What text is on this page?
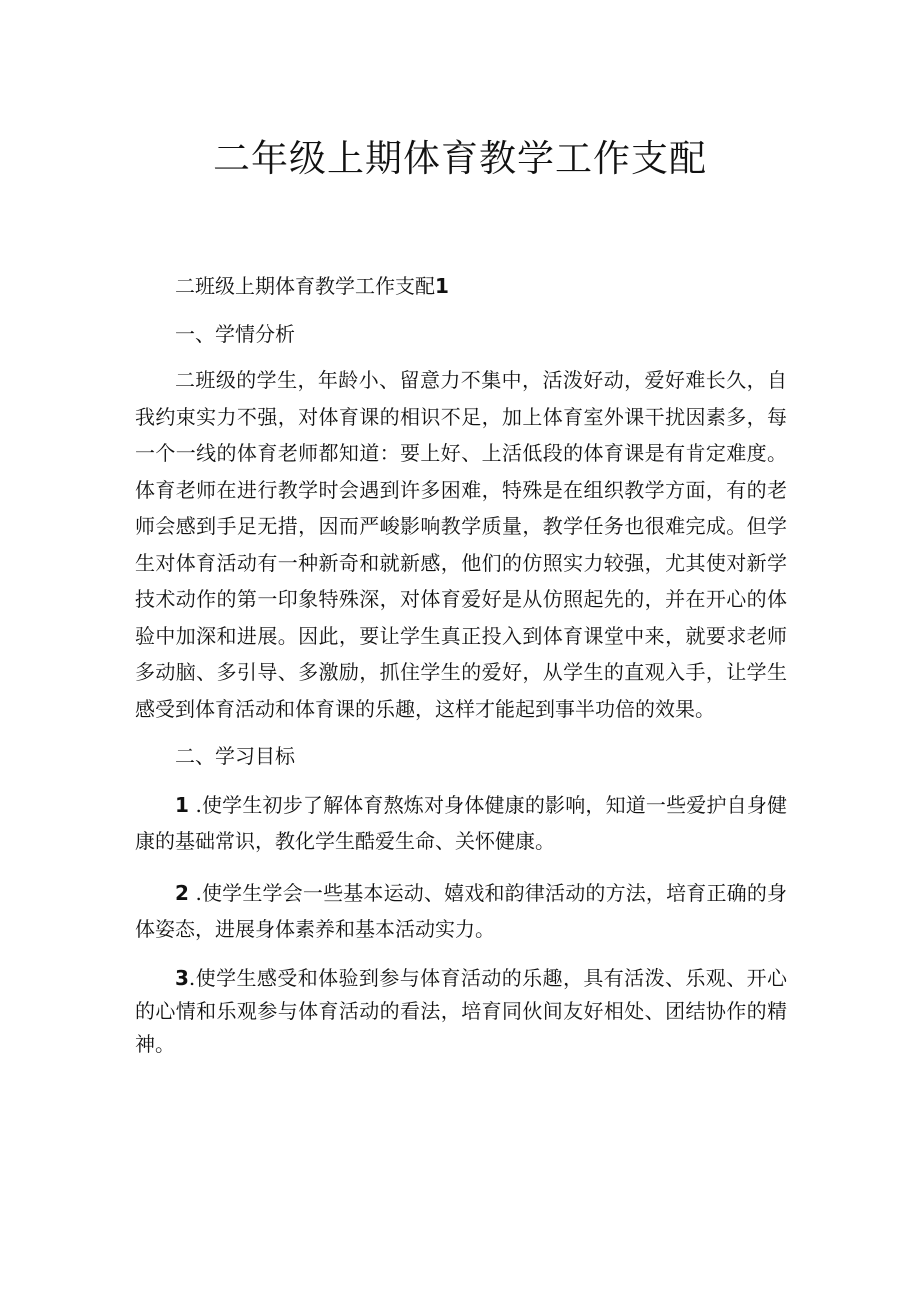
二年级上期体育教学工作支配

二班级上期体育教学工作支配1

一、学情分析

二班级的学生，年龄小、留意力不集中，活泼好动，爱好难长久，自我约束实力不强，对体育课的相识不足，加上体育室外课干扰因素多，每一个一线的体育老师都知道：要上好、上活低段的体育课是有肯定难度。体育老师在进行教学时会遇到许多困难，特殊是在组织教学方面，有的老师会感到手足无措，因而严峻影响教学质量，教学任务也很难完成。但学生对体育活动有一种新奇和就新感，他们的仿照实力较强，尤其使对新学技术动作的第一印象特殊深，对体育爱好是从仿照起先的，并在开心的体验中加深和进展。因此，要让学生真正投入到体育课堂中来，就要求老师多动脑、多引导、多激励，抓住学生的爱好，从学生的直观入手，让学生感受到体育活动和体育课的乐趣，这样才能起到事半功倍的效果。

二、学习目标

1 .使学生初步了解体育熬炼对身体健康的影响，知道一些爱护自身健康的基础常识，教化学生酷爱生命、关怀健康。

2 .使学生学会一些基本运动、嬉戏和韵律活动的方法，培育正确的身体姿态，进展身体素养和基本活动实力。

3.使学生感受和体验到参与体育活动的乐趣，具有活泼、乐观、开心的心情和乐观参与体育活动的看法，培育同伙间友好相处、团结协作的精神。
